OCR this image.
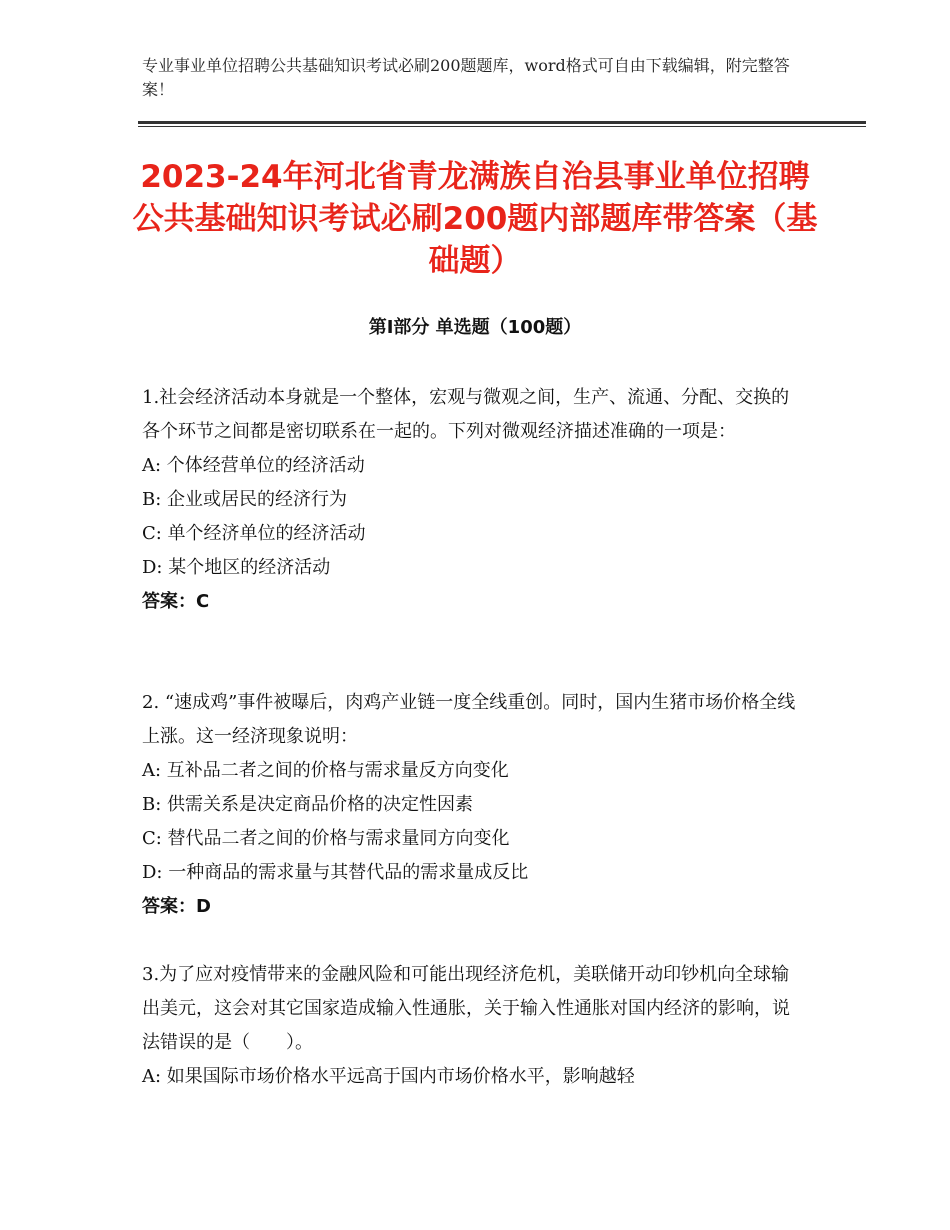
专业事业单位招聘公共基础知识考试必刷200题题库，word格式可自由下载编辑，附完整答案！
2023-24年河北省青龙满族自治县事业单位招聘公共基础知识考试必刷200题内部题库带答案（基础题）
第I部分 单选题（100题）

1.社会经济活动本身就是一个整体，宏观与微观之间，生产、流通、分配、交换的各个环节之间都是密切联系在一起的。下列对微观经济描述准确的一项是：

A: 个体经营单位的经济活动

B: 企业或居民的经济行为

C: 单个经济单位的经济活动

D: 某个地区的经济活动

答案：C

2. “速成鸡”事件被曝后，肉鸡产业链一度全线重创。同时，国内生猪市场价格全线上涨。这一经济现象说明：

A: 互补品二者之间的价格与需求量反方向变化

B: 供需关系是决定商品价格的决定性因素

C: 替代品二者之间的价格与需求量同方向变化

D: 一种商品的需求量与其替代品的需求量成反比

答案：D

3.为了应对疫情带来的金融风险和可能出现经济危机，美联储开动印钞机向全球输出美元，这会对其它国家造成输入性通胀，关于输入性通胀对国内经济的影响，说法错误的是（　　）。

A: 如果国际市场价格水平远高于国内市场价格水平，影响越轻
